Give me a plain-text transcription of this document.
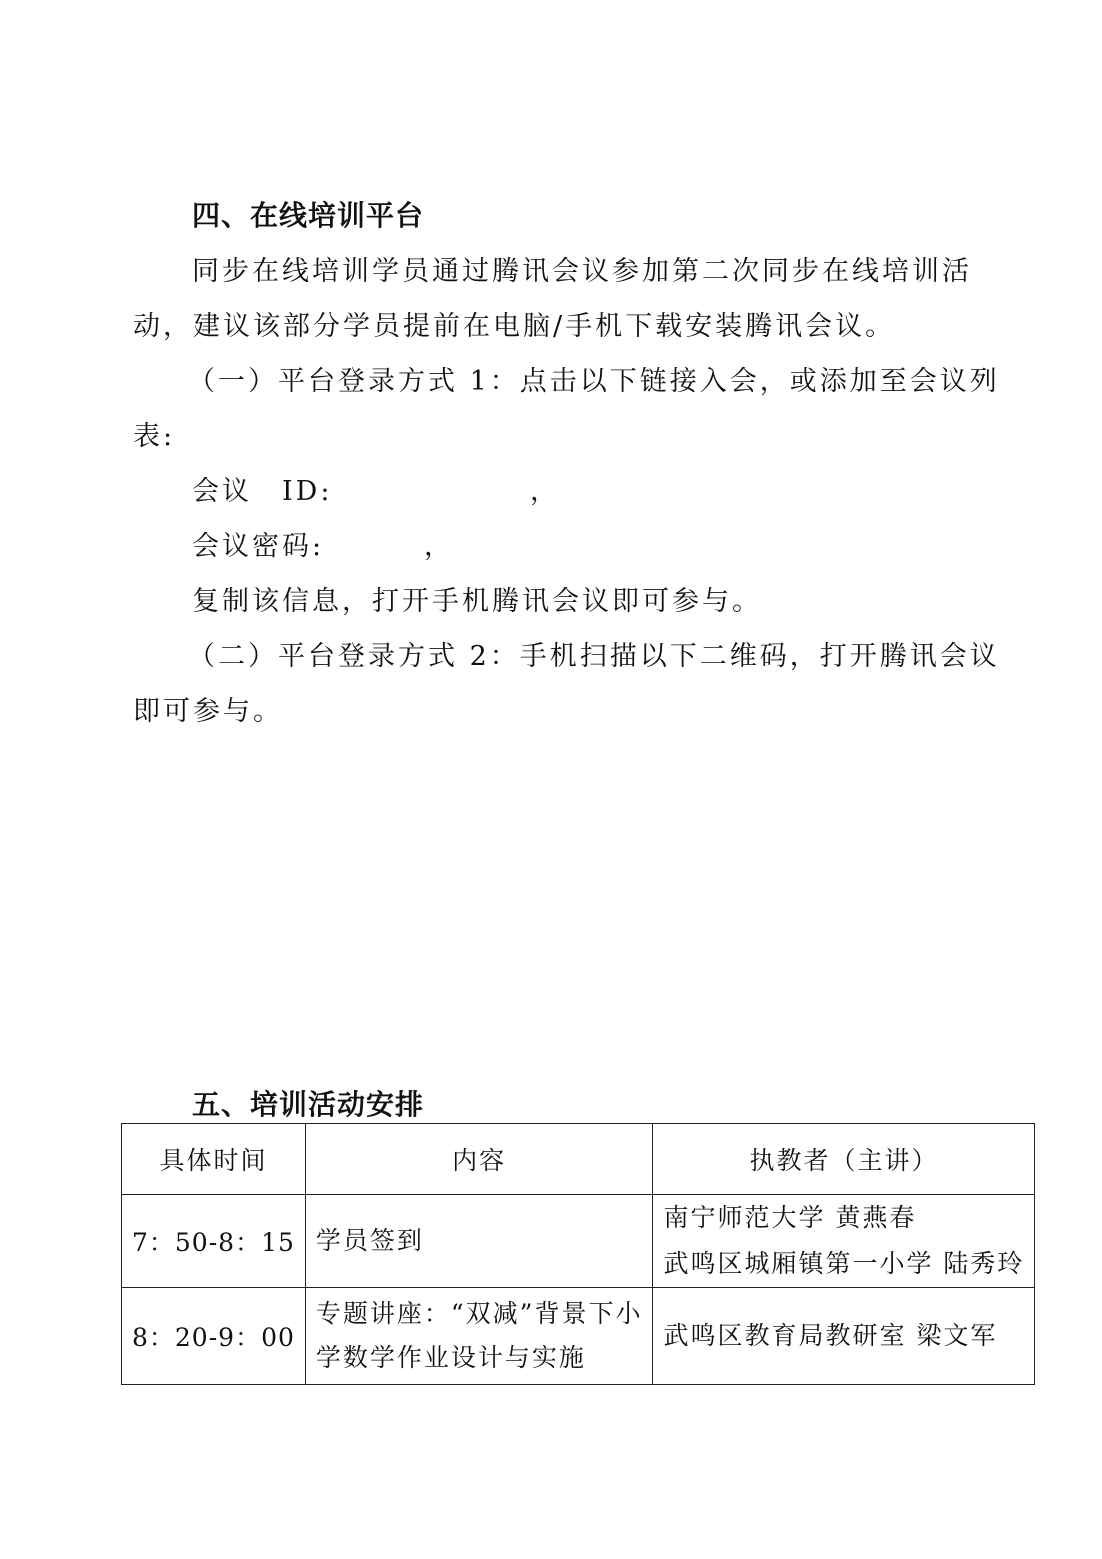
四、在线培训平台
同步在线培训学员通过腾讯会议参加第二次同步在线培训活
动，建议该部分学员提前在电脑/手机下载安装腾讯会议。
（一）平台登录方式 1：点击以下链接入会，或添加至会议列
表:
会议　ID:	，
会议密码:	，
复制该信息，打开手机腾讯会议即可参与。
（二）平台登录方式 2：手机扫描以下二维码，打开腾讯会议
即可参与。
五、培训活动安排
具体时间	内容	执教者（主讲）
7：50-8：15	学员签到	南宁师范大学 黄燕春
武鸣区城厢镇第一小学 陆秀玲

8：20-9：00	专题讲座：“双减”背景下小
学数学作业设计与实施	武鸣区教育局教研室 梁文军
